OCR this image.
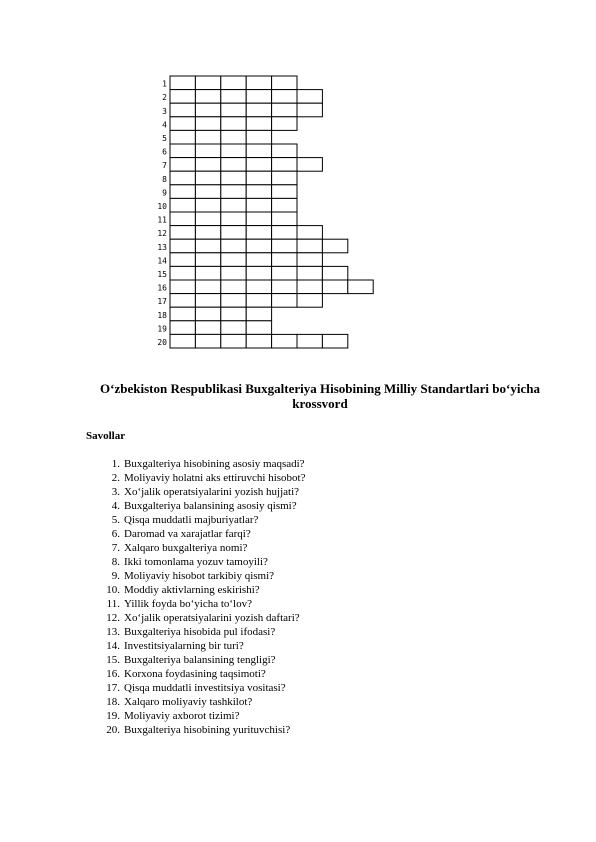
1
2
3
4
5
6
7
8
9
10
11
12
13
14
15
16
17
18
19
20
O‘zbekiston Respublikasi Buxgalteriya Hisobining Milliy Standartlari bo‘yicha krossvord
Savollar
1. Buxgalteriya hisobining asosiy maqsadi?
2. Moliyaviy holatni aks ettiruvchi hisobot?
3. Xo‘jalik operatsiyalarini yozish hujjati?
4. Buxgalteriya balansining asosiy qismi?
5. Qisqa muddatli majburiyatlar?
6. Daromad va xarajatlar farqi?
7. Xalqaro buxgalteriya nomi?
8. Ikki tomonlama yozuv tamoyili?
9. Moliyaviy hisobot tarkibiy qismi?
10. Moddiy aktivlarning eskirishi?
11. Yillik foyda bo‘yicha to‘lov?
12. Xo‘jalik operatsiyalarini yozish daftari?
13. Buxgalteriya hisobida pul ifodasi?
14. Investitsiyalarning bir turi?
15. Buxgalteriya balansining tengligi?
16. Korxona foydasining taqsimoti?
17. Qisqa muddatli investitsiya vositasi?
18. Xalqaro moliyaviy tashkilot?
19. Moliyaviy axborot tizimi?
20. Buxgalteriya hisobining yurituvchisi?
